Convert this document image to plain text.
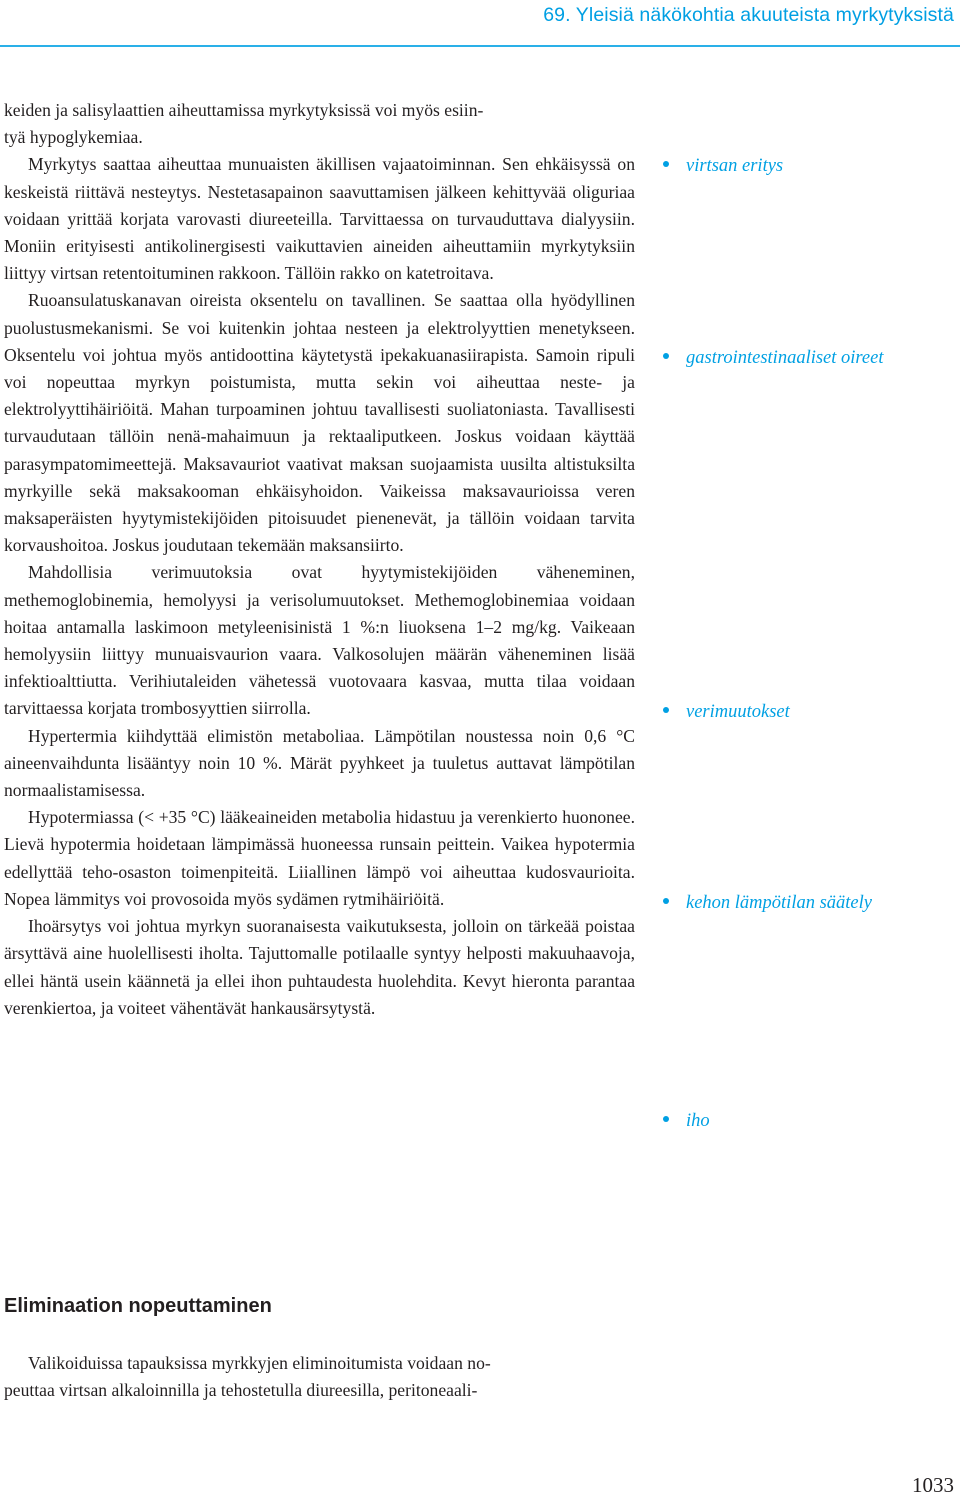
69. Yleisiä näkökohtia akuuteista myrkytyksistä

keiden ja salisylaattien aiheuttamissa myrkytyksissä voi myös esiin-
tyä hypoglykemiaa.

Myrkytys saattaa aiheuttaa munuaisten äkillisen vajaatoiminnan. Sen ehkäisyssä on keskeistä riittävä nesteytys. Nestetasapainon saavuttamisen jälkeen kehittyvää oliguriaa voidaan yrittää korjata varovasti diureeteilla. Tarvittaessa on turvauduttava dialyysiin. Moniin erityisesti antikolinergisesti vaikuttavien aineiden aiheuttamiin myrkytyksiin liittyy virtsan retentoituminen rakkoon. Tällöin rakko on katetroitava.

Ruoansulatuskanavan oireista oksentelu on tavallinen. Se saattaa olla hyödyllinen puolustusmekanismi. Se voi kuitenkin johtaa nesteen ja elektrolyyttien menetykseen. Oksentelu voi johtua myös antidoottina käytetystä ipekakuanasiirapista. Samoin ripuli voi nopeuttaa myrkyn poistumista, mutta sekin voi aiheuttaa neste- ja elektrolyyttihäiriöitä. Mahan turpoaminen johtuu tavallisesti suoliatoniasta. Tavallisesti turvaudutaan tällöin nenä-mahaimuun ja rektaaliputkeen. Joskus voidaan käyttää parasympatomimeettejä. Maksavauriot vaativat maksan suojaamista uusilta altistuksilta myrkyille sekä maksakooman ehkäisyhoidon. Vaikeissa maksavaurioissa veren maksaperäisten hyytymistekijöiden pitoisuudet pienenevät, ja tällöin voidaan tarvita korvaushoitoa. Joskus joudutaan tekemään maksansiirto.

Mahdollisia verimuutoksia ovat hyytymistekijöiden väheneminen, methemoglobinemia, hemolyysi ja verisolumuutokset. Methemoglobinemiaa voidaan hoitaa antamalla laskimoon metyleenisinistä 1 %:n liuoksena 1–2 mg/kg. Vaikeaan hemolyysiin liittyy munuaisvaurion vaara. Valkosolujen määrän väheneminen lisää infektioalttiutta. Verihiutaleiden vähetessä vuotovaara kasvaa, mutta tilaa voidaan tarvittaessa korjata trombosyyttien siirrolla.

Hypertermia kiihdyttää elimistön metaboliaa. Lämpötilan noustessa noin 0,6 °C aineenvaihdunta lisääntyy noin 10 %. Märät pyyhkeet ja tuuletus auttavat lämpötilan normaalistamisessa.

Hypotermiassa (< +35 °C) lääkeaineiden metabolia hidastuu ja verenkierto huononee. Lievä hypotermia hoidetaan lämpimässä huoneessa runsain peittein. Vaikea hypotermia edellyttää teho-osaston toimenpiteitä. Liiallinen lämpö voi aiheuttaa kudosvaurioita. Nopea lämmitys voi provosoida myös sydämen rytmihäiriöitä.

Ihoärsytys voi johtua myrkyn suoranaisesta vaikutuksesta, jolloin on tärkeää poistaa ärsyttävä aine huolellisesti iholta. Tajuttomalle potilaalle syntyy helposti makuuhaavoja, ellei häntä usein käännetä ja ellei ihon puhtaudesta huolehdita. Kevyt hieronta parantaa verenkiertoa, ja voiteet vähentävät hankausärsytystä.

virtsan eritys
gastrointestinaaliset oireet
verimuutokset
kehon lämpötilan säätely
iho
Eliminaation nopeuttaminen

Valikoiduissa tapauksissa myrkkyjen eliminoitumista voidaan no-
peuttaa virtsan alkaloinnilla ja tehostetulla diureesilla, peritoneaali-

1033
